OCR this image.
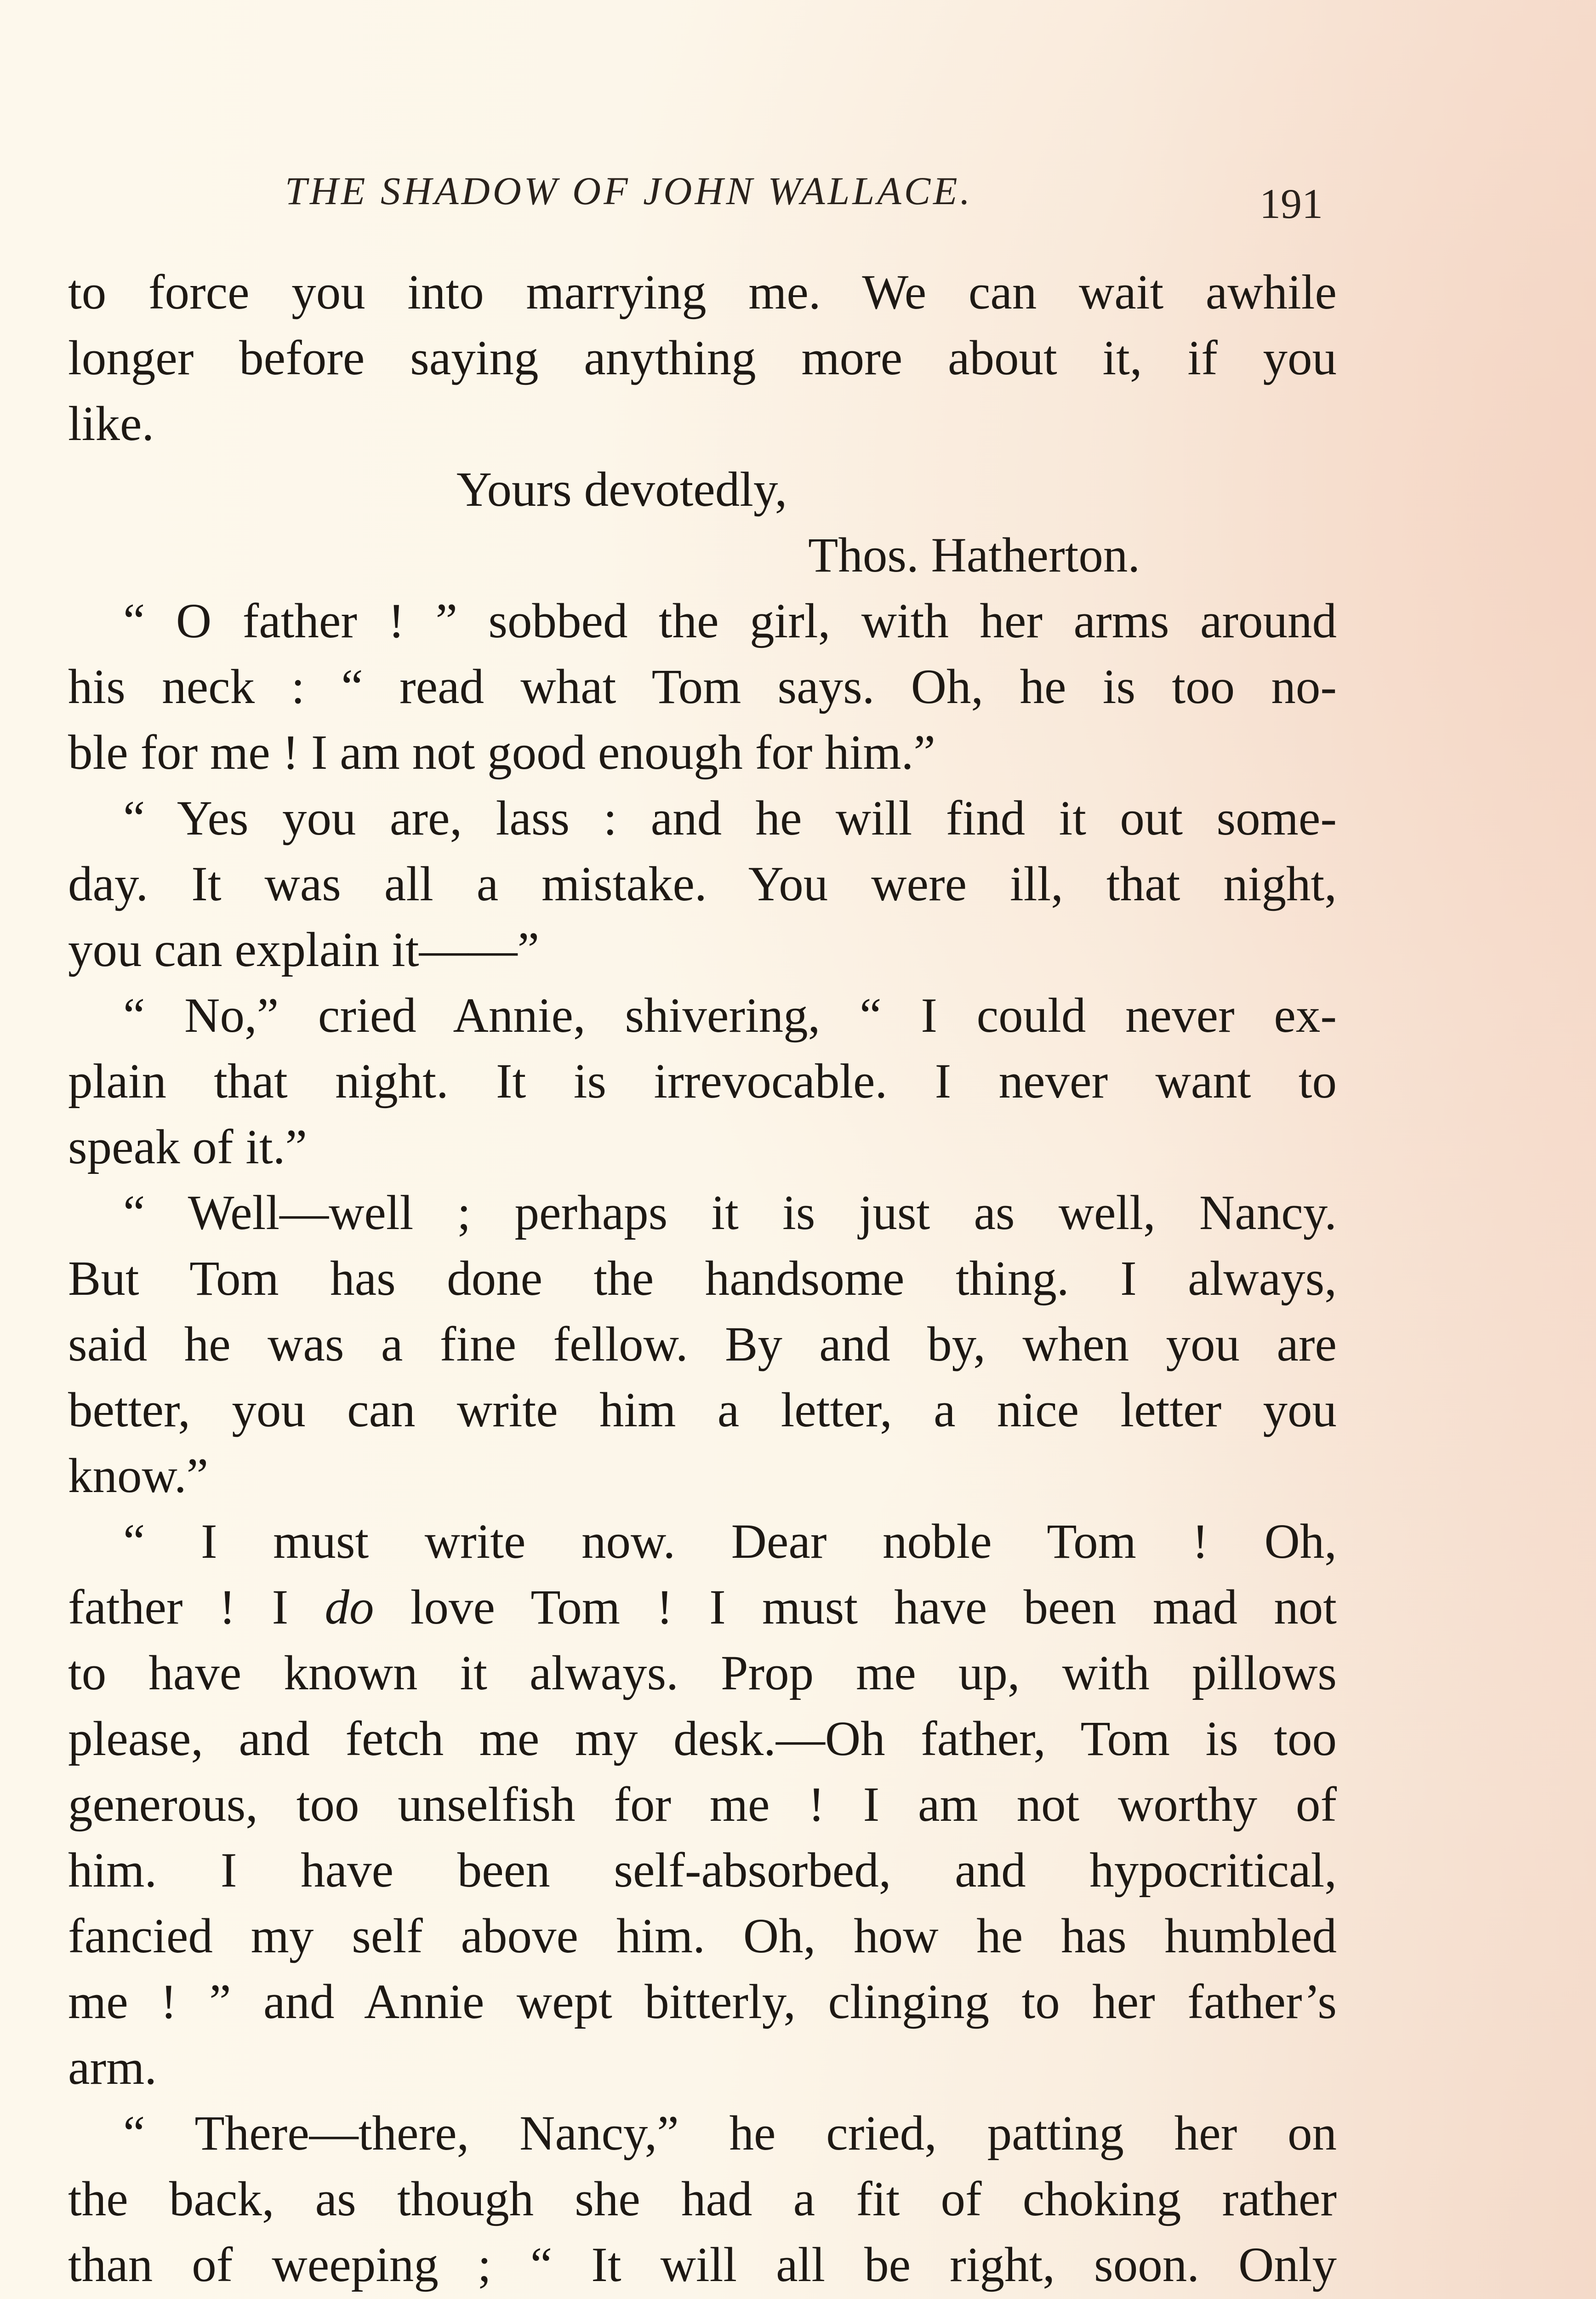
THE SHADOW OF JOHN WALLACE.	191
to force you into marrying me. We can wait awhile
longer before saying anything more about it, if you
like.
Yours devotedly,
Thos. Hatherton.
“ O father ! ” sobbed the girl, with her arms around
his neck : “ read what Tom says. Oh, he is too no-
ble for me ! I am not good enough for him.”
“ Yes you are, lass : and he will find it out some-
day. It was all a mistake. You were ill, that night,
you can explain it——”
“ No,” cried Annie, shivering, “ I could never ex-
plain that night. It is irrevocable. I never want to
speak of it.”
“ Well—well ; perhaps it is just as well, Nancy.
But Tom has done the handsome thing. I always,
said he was a fine fellow. By and by, when you are
better, you can write him a letter, a nice letter you
know.”
“ I must write now. Dear noble Tom ! Oh,
father ! I do love Tom ! I must have been mad not
to have known it always. Prop me up, with pillows
please, and fetch me my desk.—Oh father, Tom is too
generous, too unselfish for me ! I am not worthy of
him. I have been self-absorbed, and hypocritical,
fancied my self above him. Oh, how he has humbled
me ! ” and Annie wept bitterly, clinging to her father’s
arm.
“ There—there, Nancy,” he cried, patting her on
the back, as though she had a fit of choking rather
than of weeping ; “ It will all be right, soon. Only
